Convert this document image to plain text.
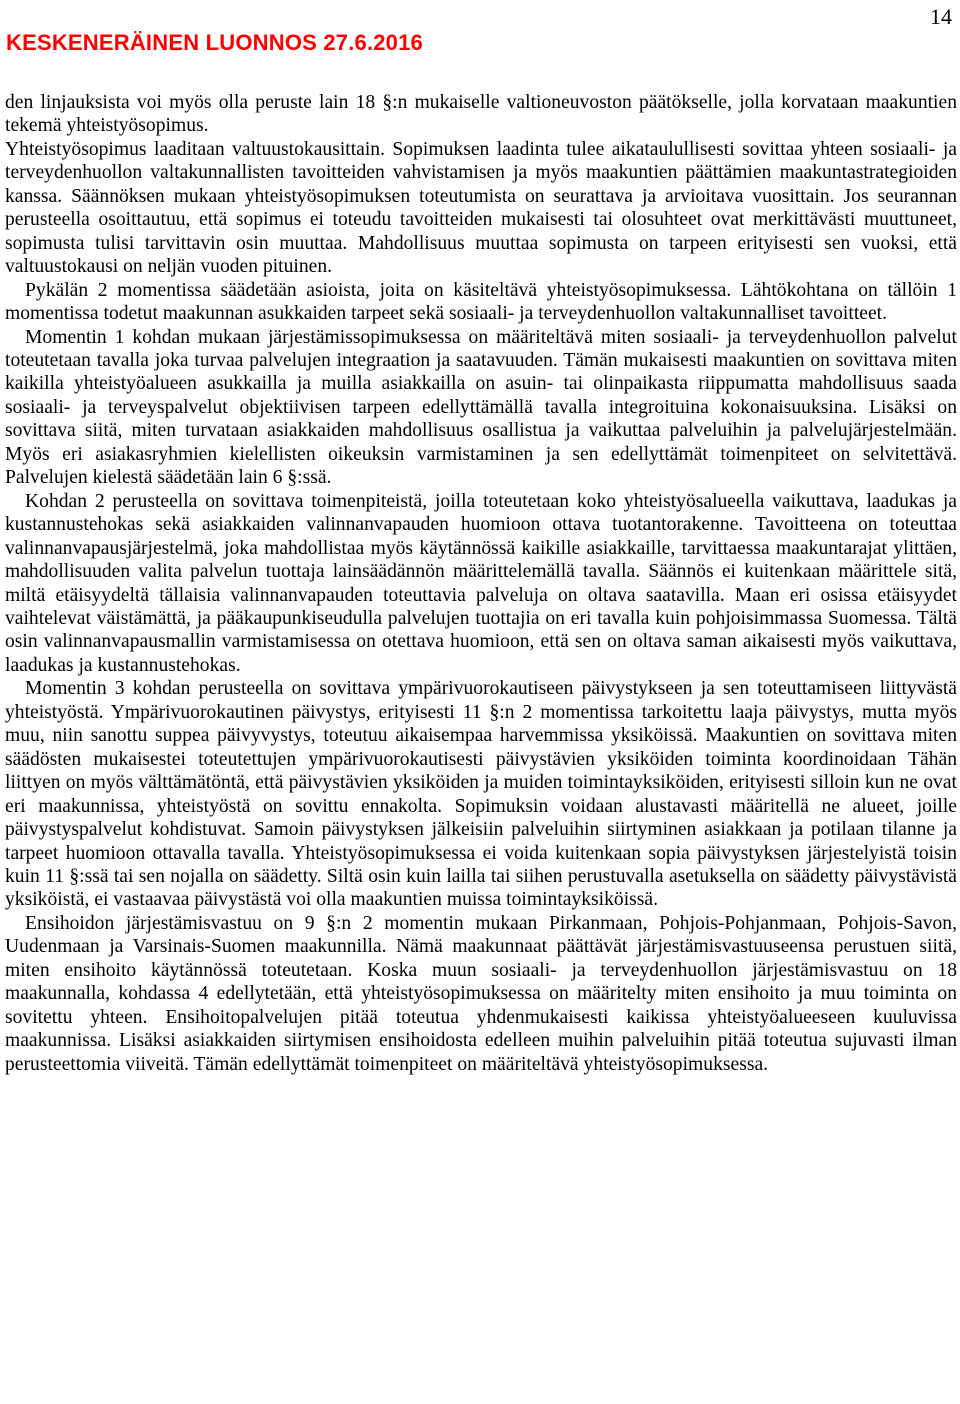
KESKENERÄINEN LUONNOS 27.6.2016
14

den linjauksista voi myös olla peruste lain 18 §:n mukaiselle valtioneuvoston päätökselle, jolla korvataan maakuntien tekemä yhteistyösopimus.

Yhteistyösopimus laaditaan valtuustokausittain. Sopimuksen laadinta tulee aikataulullisesti sovittaa yhteen sosiaali- ja terveydenhuollon valtakunnallisten tavoitteiden vahvistamisen ja myös maakuntien päättämien maakuntastrategioiden kanssa. Säännöksen mukaan yhteistyösopimuksen toteutumista on seurattava ja arvioitava vuosittain. Jos seurannan perusteella osoittautuu, että sopimus ei toteudu tavoitteiden mukaisesti tai olosuhteet ovat merkittävästi muuttuneet, sopimusta tulisi tarvittavin osin muuttaa. Mahdollisuus muuttaa sopimusta on tarpeen erityisesti sen vuoksi, että valtuustokausi on neljän vuoden pituinen.

Pykälän 2 momentissa säädetään asioista, joita on käsiteltävä yhteistyösopimuksessa. Lähtökohtana on tällöin 1 momentissa todetut maakunnan asukkaiden tarpeet sekä sosiaali- ja terveydenhuollon valtakunnalliset tavoitteet.

Momentin 1 kohdan mukaan järjestämissopimuksessa on määriteltävä miten sosiaali- ja terveydenhuollon palvelut toteutetaan tavalla joka turvaa palvelujen integraation ja saatavuuden. Tämän mukaisesti maakuntien on sovittava miten kaikilla yhteistyöalueen asukkailla ja muilla asiakkailla on asuin- tai olinpaikasta riippumatta mahdollisuus saada sosiaali- ja terveyspalvelut objektiivisen tarpeen edellyttämällä tavalla integroituina kokonaisuuksina. Lisäksi on sovittava siitä, miten turvataan asiakkaiden mahdollisuus osallistua ja vaikuttaa palveluihin ja palvelujärjestelmään. Myös eri asiakasryhmien kielellisten oikeuksin varmistaminen ja sen edellyttämät toimenpiteet on selvitettävä. Palvelujen kielestä säädetään lain 6 §:ssä.

Kohdan 2 perusteella on sovittava toimenpiteistä, joilla toteutetaan koko yhteistyösalueella vaikuttava, laadukas ja kustannustehokas sekä asiakkaiden valinnanvapauden huomioon ottava tuotantorakenne. Tavoitteena on toteuttaa valinnanvapausjärjestelmä, joka mahdollistaa myös käytännössä kaikille asiakkaille, tarvittaessa maakuntarajat ylittäen, mahdollisuuden valita palvelun tuottaja lainsäädännön määrittelemällä tavalla. Säännös ei kuitenkaan määrittele sitä, miltä etäisyydeltä tällaisia valinnanvapauden toteuttavia palveluja on oltava saatavilla. Maan eri osissa etäisyydet vaihtelevat väistämättä, ja pääkaupunkiseudulla palvelujen tuottajia on eri tavalla kuin pohjoisimmassa Suomessa. Tältä osin valinnanvapausmallin varmistamisessa on otettava huomioon, että sen on oltava saman aikaisesti myös vaikuttava, laadukas ja kustannustehokas.

Momentin 3 kohdan perusteella on sovittava ympärivuorokautiseen päivystykseen ja sen toteuttamiseen liittyvästä yhteistyöstä. Ympärivuorokautinen päivystys, erityisesti 11 §:n 2 momentissa tarkoitettu laaja päivystys, mutta myös muu, niin sanottu suppea päivyvystys, toteutuu aikaisempaa harvemmissa yksiköissä. Maakuntien on sovittava miten säädösten mukaisestei toteutettujen ympärivuorokautisesti päivystävien yksiköiden toiminta koordinoidaan Tähän liittyen on myös välttämätöntä, että päivystävien yksiköiden ja muiden toimintayksiköiden, erityisesti silloin kun ne ovat eri maakunnissa, yhteistyöstä on sovittu ennakolta. Sopimuksin voidaan alustavasti määritellä ne alueet, joille päivystyspalvelut kohdistuvat. Samoin päivystyksen jälkeisiin palveluihin siirtyminen asiakkaan ja potilaan tilanne ja tarpeet huomioon ottavalla tavalla. Yhteistyösopimuksessa ei voida kuitenkaan sopia päivystyksen järjestelyistä toisin kuin 11 §:ssä tai sen nojalla on säädetty. Siltä osin kuin lailla tai siihen perustuvalla asetuksella on säädetty päivystävistä yksiköistä, ei vastaavaa päivystästä voi olla maakuntien muissa toimintayksiköissä.

Ensihoidon järjestämisvastuu on 9 §:n 2 momentin mukaan Pirkanmaan, Pohjois-Pohjanmaan, Pohjois-Savon, Uudenmaan ja Varsinais-Suomen maakunnilla. Nämä maakunnaat päättävät järjestämisvastuuseensa perustuen siitä, miten ensihoito käytännössä toteutetaan. Koska muun sosiaali- ja terveydenhuollon järjestämisvastuu on 18 maakunnalla, kohdassa 4 edellytetään, että yhteistyösopimuksessa on määritelty miten ensihoito ja muu toiminta on sovitettu yhteen. Ensihoitopalvelujen pitää toteutua yhdenmukaisesti kaikissa yhteistyöalueeseen kuuluvissa maakunnissa. Lisäksi asiakkaiden siirtymisen ensihoidosta edelleen muihin palveluihin pitää toteutua sujuvasti ilman perusteettomia viiveitä. Tämän edellyttämät toimenpiteet on määriteltävä yhteistyösopimuksessa.
